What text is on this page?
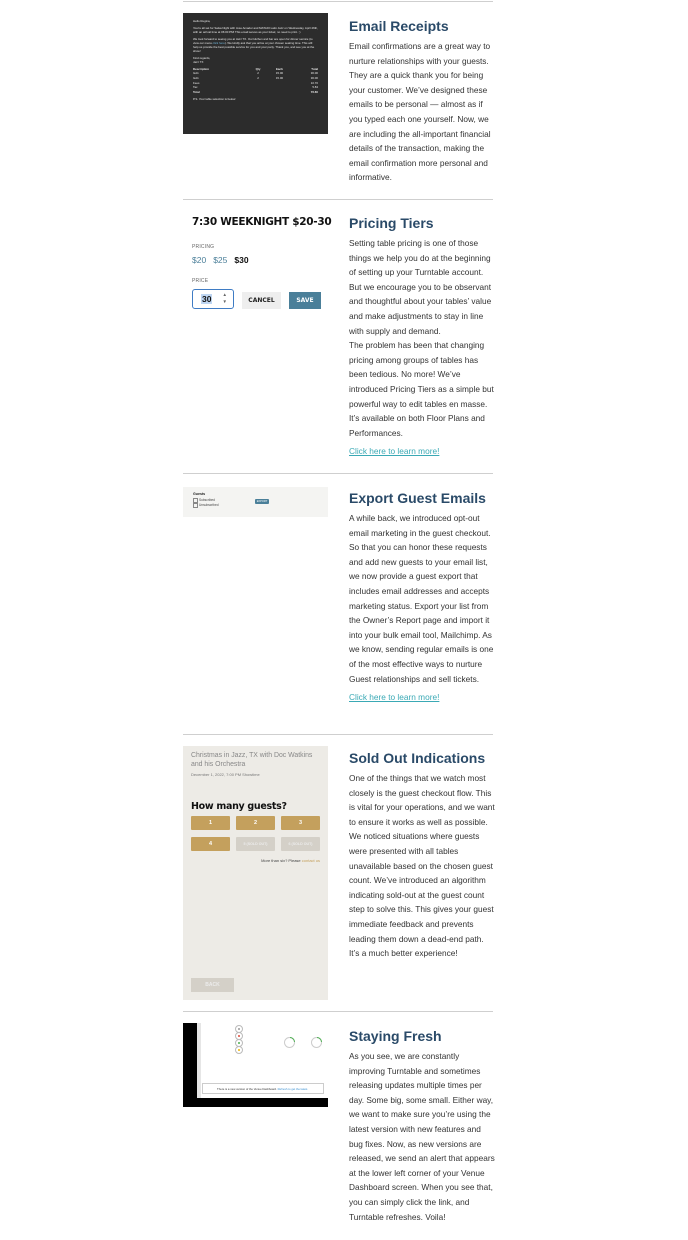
Hello Regina,

You're all set for Salsa Night with Jose Amador and MATAIO Latin Jazz on Wednesday, April 26th, with an arrival time at 06:00 PM! This email serves as your ticket; no need to print. :)

We look forward to seeing you at Jazz TX. Our kitchen and bar are open for dinner service (to view our menu click here). We kindly ask that you arrive at your chosen seating time. This will help us provide the best possible service for you and your party. Thank you, and see you at the show!

Kind regards,
Jazz TX

Description	Qty	Each	Total
GA1	2	15.00	30.00
GA1	2	15.00	30.00
Fees			10.70
Tax			5.84
Total			76.60

P.S. Your table selection is below:

Email Receipts

Email confirmations are a great way to nurture relationships with your guests. They are a quick thank you for being your customer. We’ve designed these emails to be personal — almost as if you typed each one yourself. Now, we are including the all-important financial details of the transaction, making the email confirmation more personal and informative.

7:30 WEEKNIGHT $20-30
PRICING
$20 $25 $30
PRICE
30 ▲
▼	CANCEL	SAVE
Pricing Tiers

Setting table pricing is one of those things we help you do at the beginning of setting up your Turntable account. But we encourage you to be observant and thoughtful about your tables’ value and make adjustments to stay in line with supply and demand.

The problem has been that changing pricing among groups of tables has been tedious. No more! We’ve introduced Pricing Tiers as a simple but powerful way to edit tables en masse. It’s available on both Floor Plans and Performances.

Click here to learn more!
Guests
Subscribed
Unsubscribed
EXPORT	Export Guest Emails

A while back, we introduced opt-out email marketing in the guest checkout. So that you can honor these requests and add new guests to your email list, we now provide a guest export that includes email addresses and accepts marketing status. Export your list from the Owner’s Report page and import it into your bulk email tool, Mailchimp. As we know, sending regular emails is one of the most effective ways to nurture Guest relationships and sell tickets.

Click here to learn more!
Christmas in Jazz, TX with Doc Watkins and his Orchestra
December 1, 2022, 7:00 PM Showtime
How many guests?
1	2	3
4	5 (SOLD OUT)	6 (SOLD OUT)
More than six? Please contact us
BACK
Sold Out Indications

One of the things that we watch most closely is the guest checkout flow. This is vital for your operations, and we want to ensure it works as well as possible. We noticed situations where guests were presented with all tables unavailable based on the chosen guest count. We’ve introduced an algorithm indicating sold-out at the guest count step to solve this. This gives your guest immediate feedback and prevents leading them down a dead-end path. It’s a much better experience!

There is a new version of the Venue Dashboard. Refresh to get the latest.
Staying Fresh

As you see, we are constantly improving Turntable and sometimes releasing updates multiple times per day. Some big, some small. Either way, we want to make sure you’re using the latest version with new features and bug fixes. Now, as new versions are released, we send an alert that appears at the lower left corner of your Venue Dashboard screen. When you see that, you can simply click the link, and Turntable refreshes. Voila!
